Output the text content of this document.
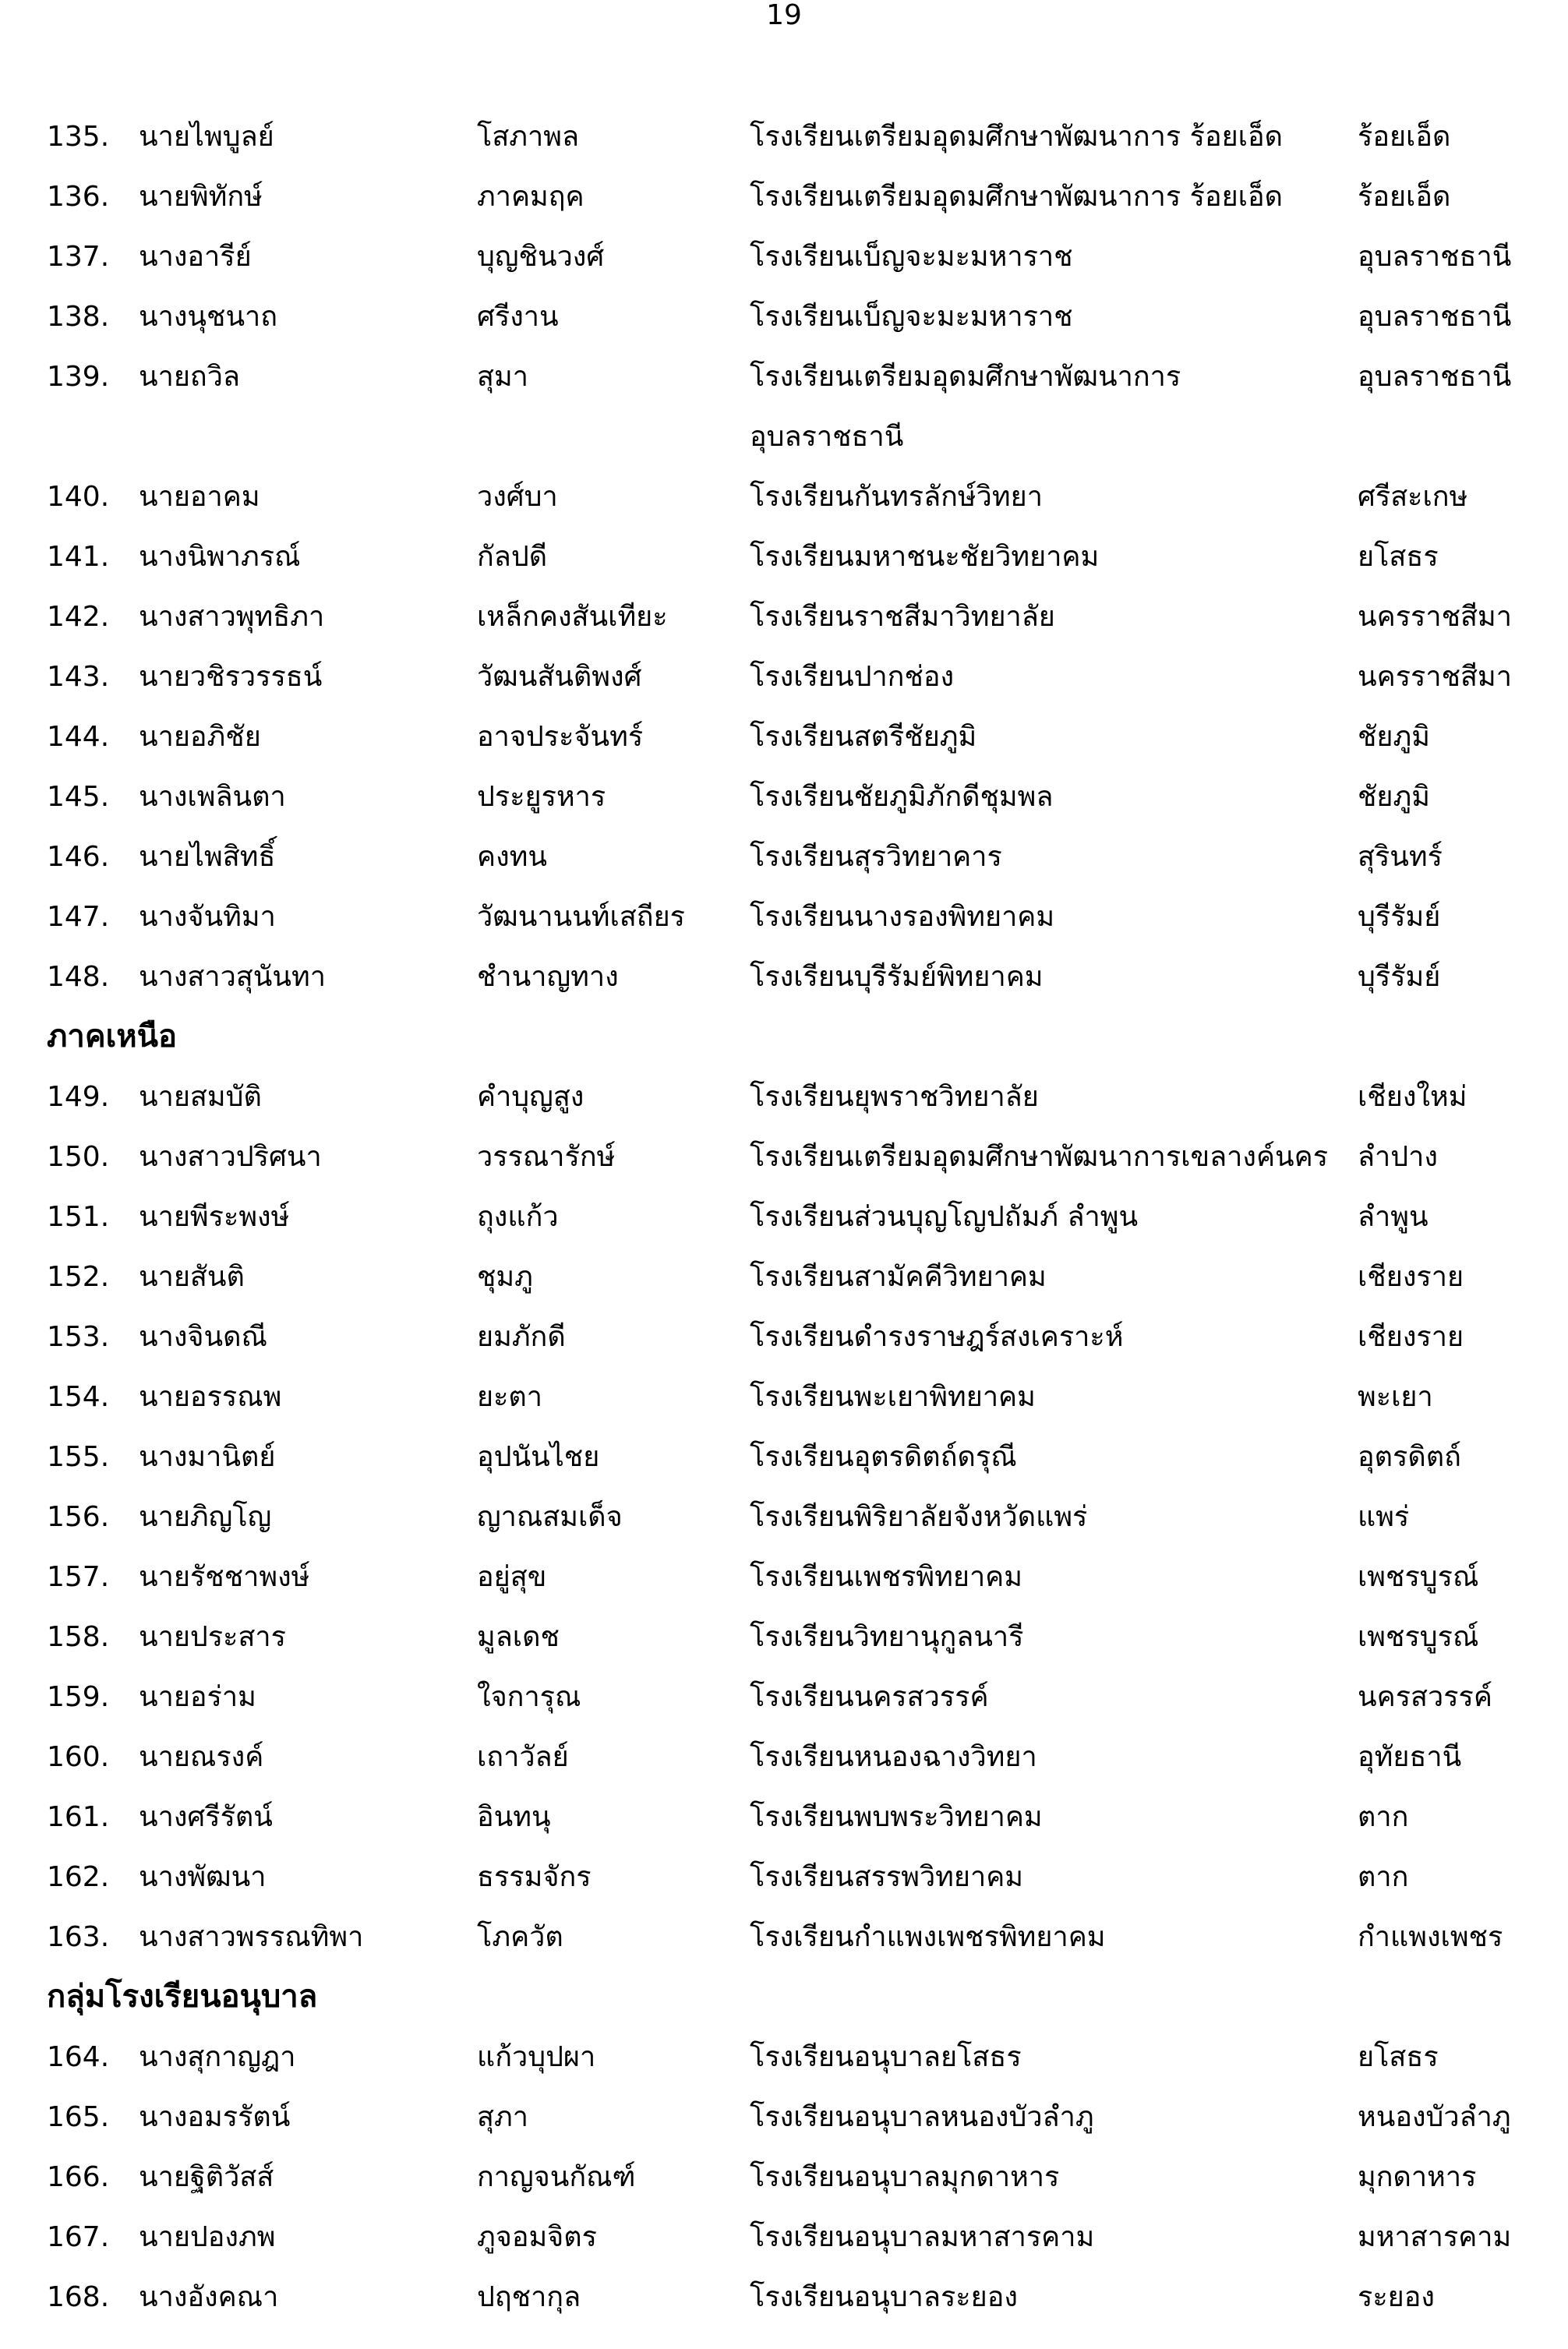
19
135. นายไพบูลย์	โสภาพล	โรงเรียนเตรียมอุดมศึกษาพัฒนาการ ร้อยเอ็ด	ร้อยเอ็ด
136. นายพิทักษ์	ภาคมฤค	โรงเรียนเตรียมอุดมศึกษาพัฒนาการ ร้อยเอ็ด	ร้อยเอ็ด
137. นางอารีย์	บุญชินวงศ์	โรงเรียนเบ็ญจะมะมหาราช	อุบลราชธานี
138. นางนุชนาถ	ศรีงาน	โรงเรียนเบ็ญจะมะมหาราช	อุบลราชธานี
139. นายถวิล	สุมา	โรงเรียนเตรียมอุดมศึกษาพัฒนาการ	อุบลราชธานี
อุบลราชธานี
140. นายอาคม	วงศ์บา	โรงเรียนกันทรลักษ์วิทยา	ศรีสะเกษ
141. นางนิพาภรณ์	กัลปดี	โรงเรียนมหาชนะชัยวิทยาคม	ยโสธร
142. นางสาวพุทธิภา	เหล็กคงสันเทียะ	โรงเรียนราชสีมาวิทยาลัย	นครราชสีมา
143. นายวชิรวรรธน์	วัฒนสันติพงศ์	โรงเรียนปากช่อง	นครราชสีมา
144. นายอภิชัย	อาจประจันทร์	โรงเรียนสตรีชัยภูมิ	ชัยภูมิ
145. นางเพลินตา	ประยูรหาร	โรงเรียนชัยภูมิภักดีชุมพล	ชัยภูมิ
146. นายไพสิทธิ์	คงทน	โรงเรียนสุรวิทยาคาร	สุรินทร์
147. นางจันทิมา	วัฒนานนท์เสถียร โรงเรียนนางรองพิทยาคม	บุรีรัมย์
148. นางสาวสุนันทา	ชำนาญทาง	โรงเรียนบุรีรัมย์พิทยาคม	บุรีรัมย์
ภาคเหนือ
149. นายสมบัติ	คำบุญสูง	โรงเรียนยุพราชวิทยาลัย	เชียงใหม่
150. นางสาวปริศนา	วรรณารักษ์	โรงเรียนเตรียมอุดมศึกษาพัฒนาการเขลางค์นคร ลำปาง
151. นายพีระพงษ์	ถุงแก้ว	โรงเรียนส่วนบุญโญปถัมภ์ ลำพูน	ลำพูน
152. นายสันติ	ชุมภู	โรงเรียนสามัคคีวิทยาคม	เชียงราย
153. นางจินดณี	ยมภักดี	โรงเรียนดำรงราษฎร์สงเคราะห์	เชียงราย
154. นายอรรณพ	ยะตา	โรงเรียนพะเยาพิทยาคม	พะเยา
155. นางมานิตย์	อุปนันไชย	โรงเรียนอุตรดิตถ์ดรุณี	อุตรดิตถ์
156. นายภิญโญ	ญาณสมเด็จ	โรงเรียนพิริยาลัยจังหวัดแพร่	แพร่
157. นายรัชชาพงษ์	อยู่สุข	โรงเรียนเพชรพิทยาคม	เพชรบูรณ์
158. นายประสาร	มูลเดช	โรงเรียนวิทยานุกูลนารี	เพชรบูรณ์
159. นายอร่าม	ใจการุณ	โรงเรียนนครสวรรค์	นครสวรรค์
160. นายณรงค์	เถาวัลย์	โรงเรียนหนองฉางวิทยา	อุทัยธานี
161. นางศรีรัตน์	อินทนุ	โรงเรียนพบพระวิทยาคม	ตาก
162. นางพัฒนา	ธรรมจักร	โรงเรียนสรรพวิทยาคม	ตาก
163. นางสาวพรรณทิพา	โภควัต	โรงเรียนกำแพงเพชรพิทยาคม	กำแพงเพชร
กลุ่มโรงเรียนอนุบาล
164. นางสุกาญฎา	แก้วบุปผา	โรงเรียนอนุบาลยโสธร	ยโสธร
165. นางอมรรัตน์	สุภา	โรงเรียนอนุบาลหนองบัวลำภู	หนองบัวลำภู
166. นายฐิติวัสส์	กาญจนกัณฑ์	โรงเรียนอนุบาลมุกดาหาร	มุกดาหาร
167. นายปองภพ	ภูจอมจิตร	โรงเรียนอนุบาลมหาสารคาม	มหาสารคาม
168. นางอังคณา	ปฤชากุล	โรงเรียนอนุบาลระยอง	ระยอง
